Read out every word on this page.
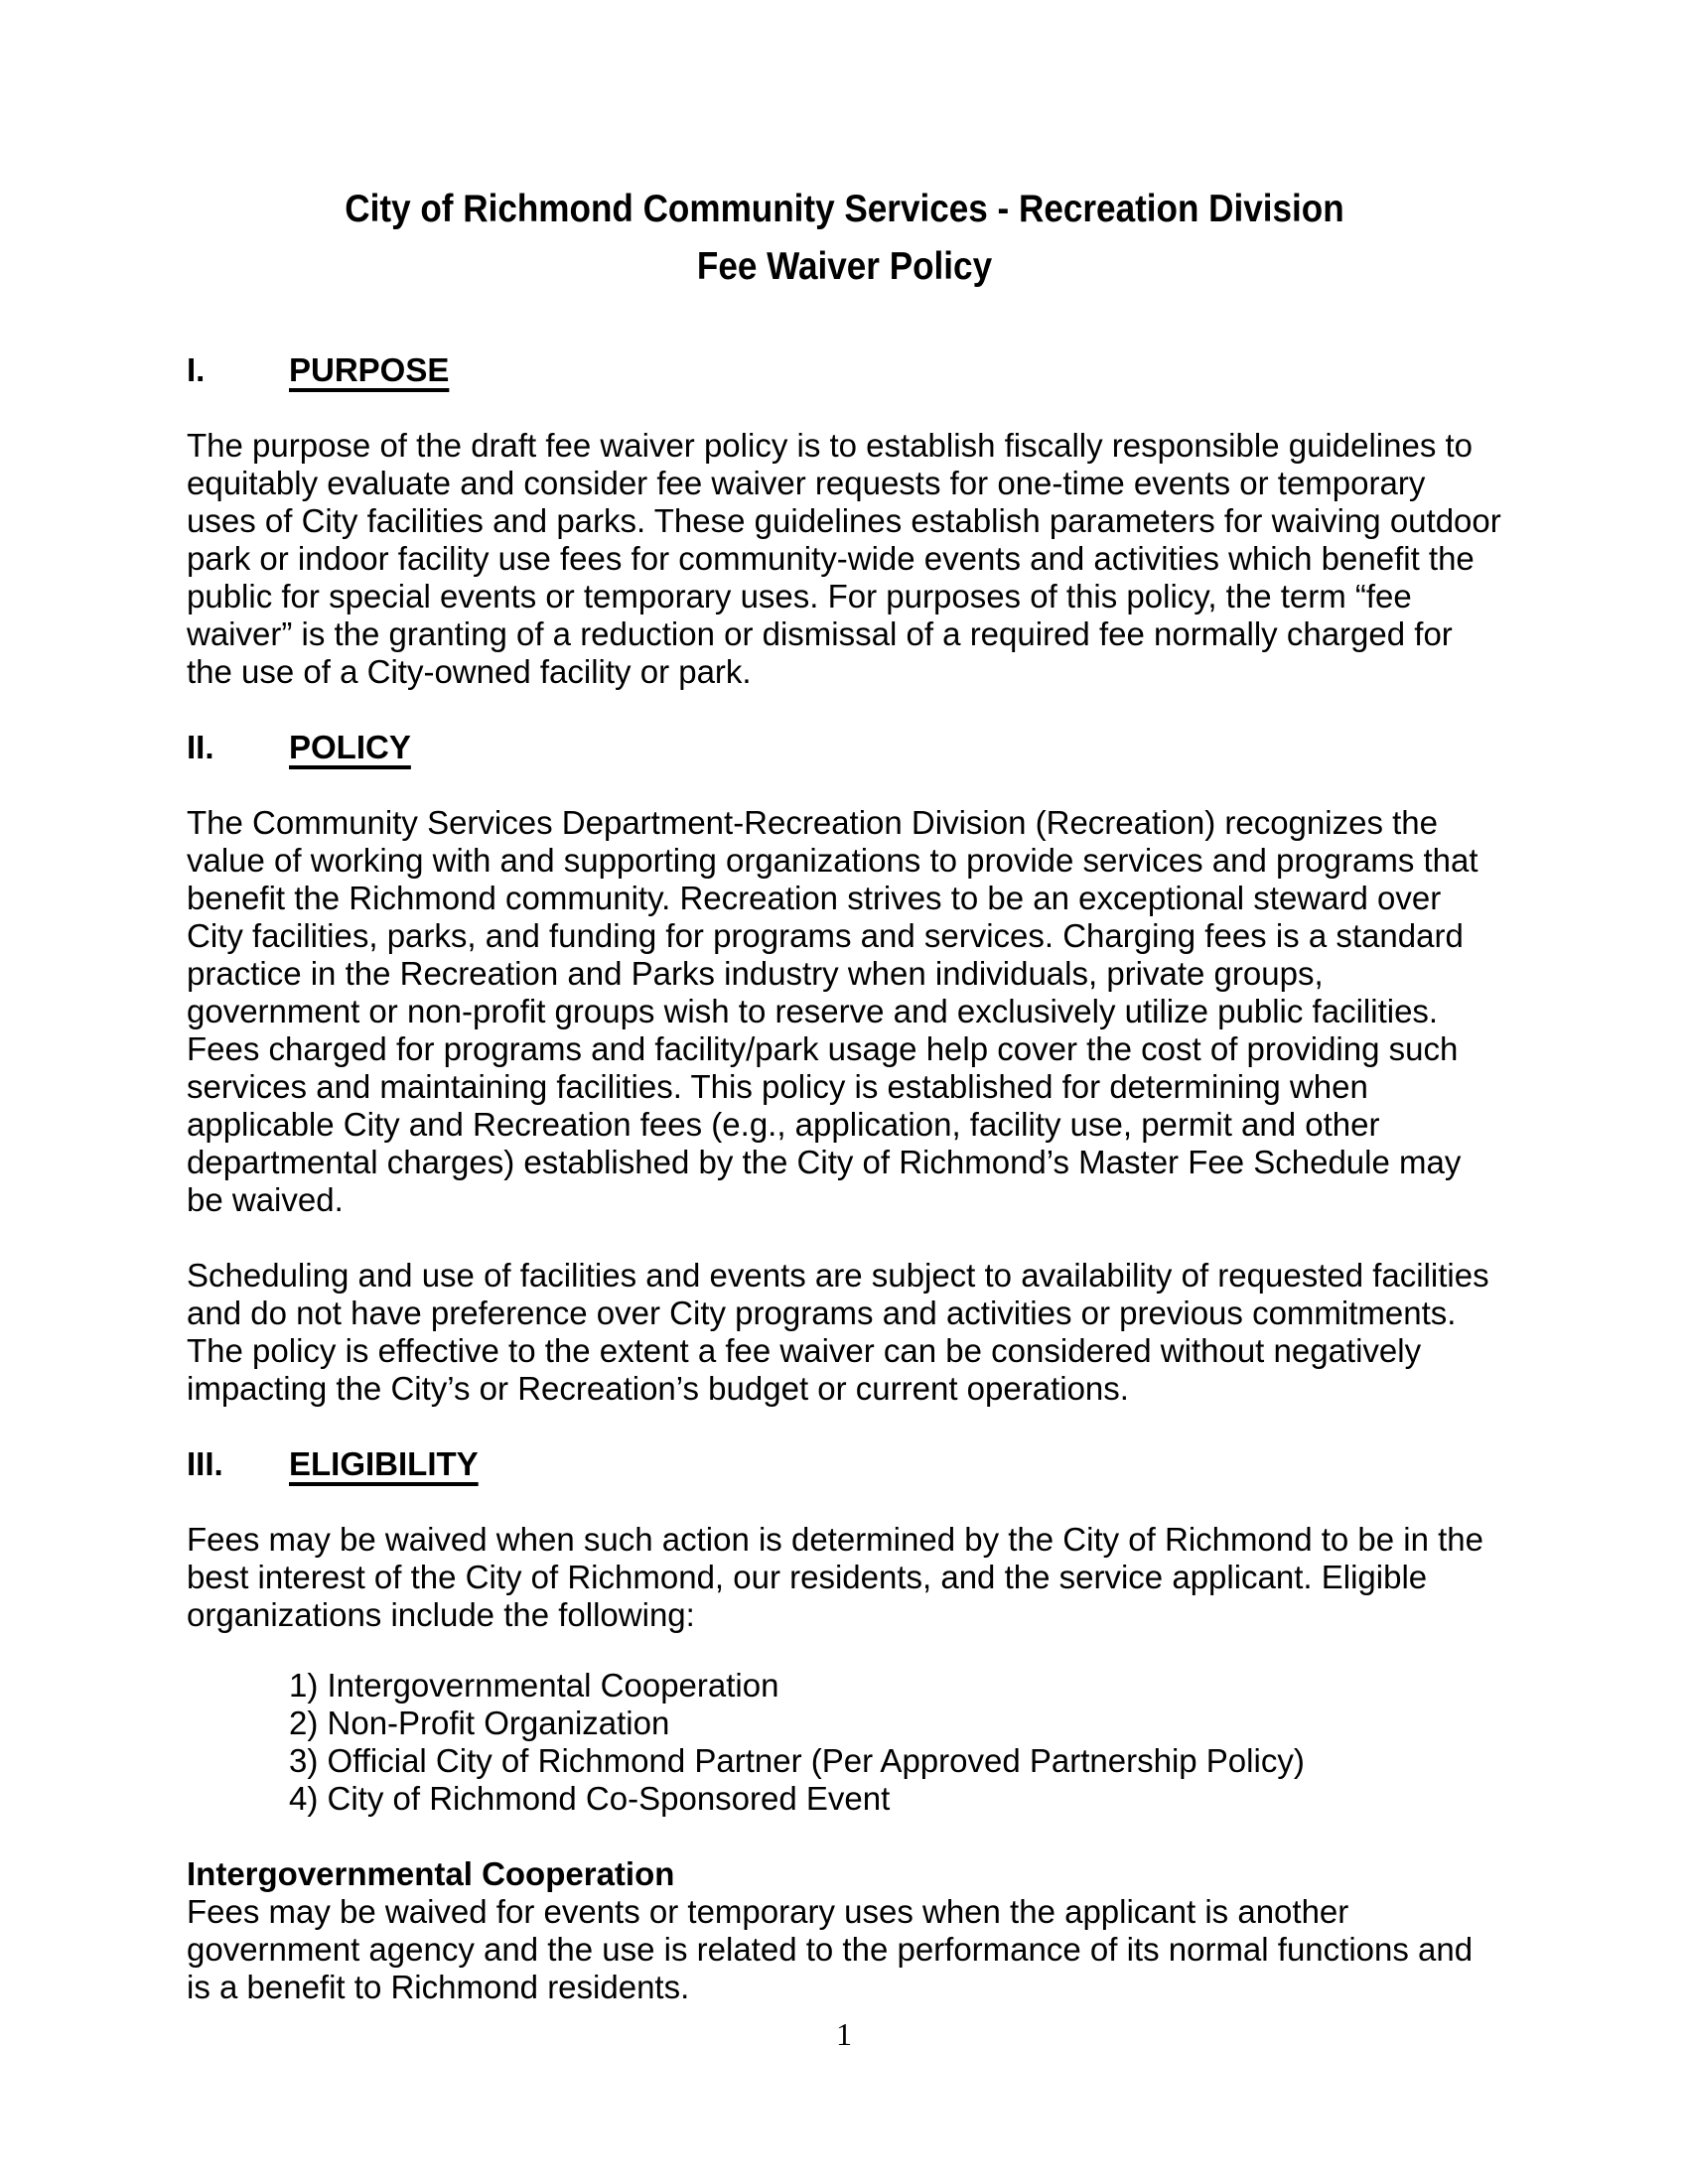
City of Richmond Community Services - Recreation Division
Fee Waiver Policy
I.	PURPOSE

The purpose of the draft fee waiver policy is to establish fiscally responsible guidelines to equitably evaluate and consider fee waiver requests for one-time events or temporary uses of City facilities and parks. These guidelines establish parameters for waiving outdoor park or indoor facility use fees for community-wide events and activities which benefit the public for special events or temporary uses. For purposes of this policy, the term “fee waiver” is the granting of a reduction or dismissal of a required fee normally charged for the use of a City-owned facility or park.

II.	POLICY

The Community Services Department-Recreation Division (Recreation) recognizes the value of working with and supporting organizations to provide services and programs that benefit the Richmond community. Recreation strives to be an exceptional steward over City facilities, parks, and funding for programs and services. Charging fees is a standard practice in the Recreation and Parks industry when individuals, private groups, government or non-profit groups wish to reserve and exclusively utilize public facilities. Fees charged for programs and facility/park usage help cover the cost of providing such services and maintaining facilities. This policy is established for determining when applicable City and Recreation fees (e.g., application, facility use, permit and other departmental charges) established by the City of Richmond’s Master Fee Schedule may be waived.

Scheduling and use of facilities and events are subject to availability of requested facilities and do not have preference over City programs and activities or previous commitments. The policy is effective to the extent a fee waiver can be considered without negatively impacting the City’s or Recreation’s budget or current operations.

III.	ELIGIBILITY

Fees may be waived when such action is determined by the City of Richmond to be in the best interest of the City of Richmond, our residents, and the service applicant. Eligible organizations include the following:

1) Intergovernmental Cooperation
2) Non-Profit Organization
3) Official City of Richmond Partner (Per Approved Partnership Policy)
4) City of Richmond Co-Sponsored Event
Intergovernmental Cooperation

Fees may be waived for events or temporary uses when the applicant is another government agency and the use is related to the performance of its normal functions and is a benefit to Richmond residents.

1
